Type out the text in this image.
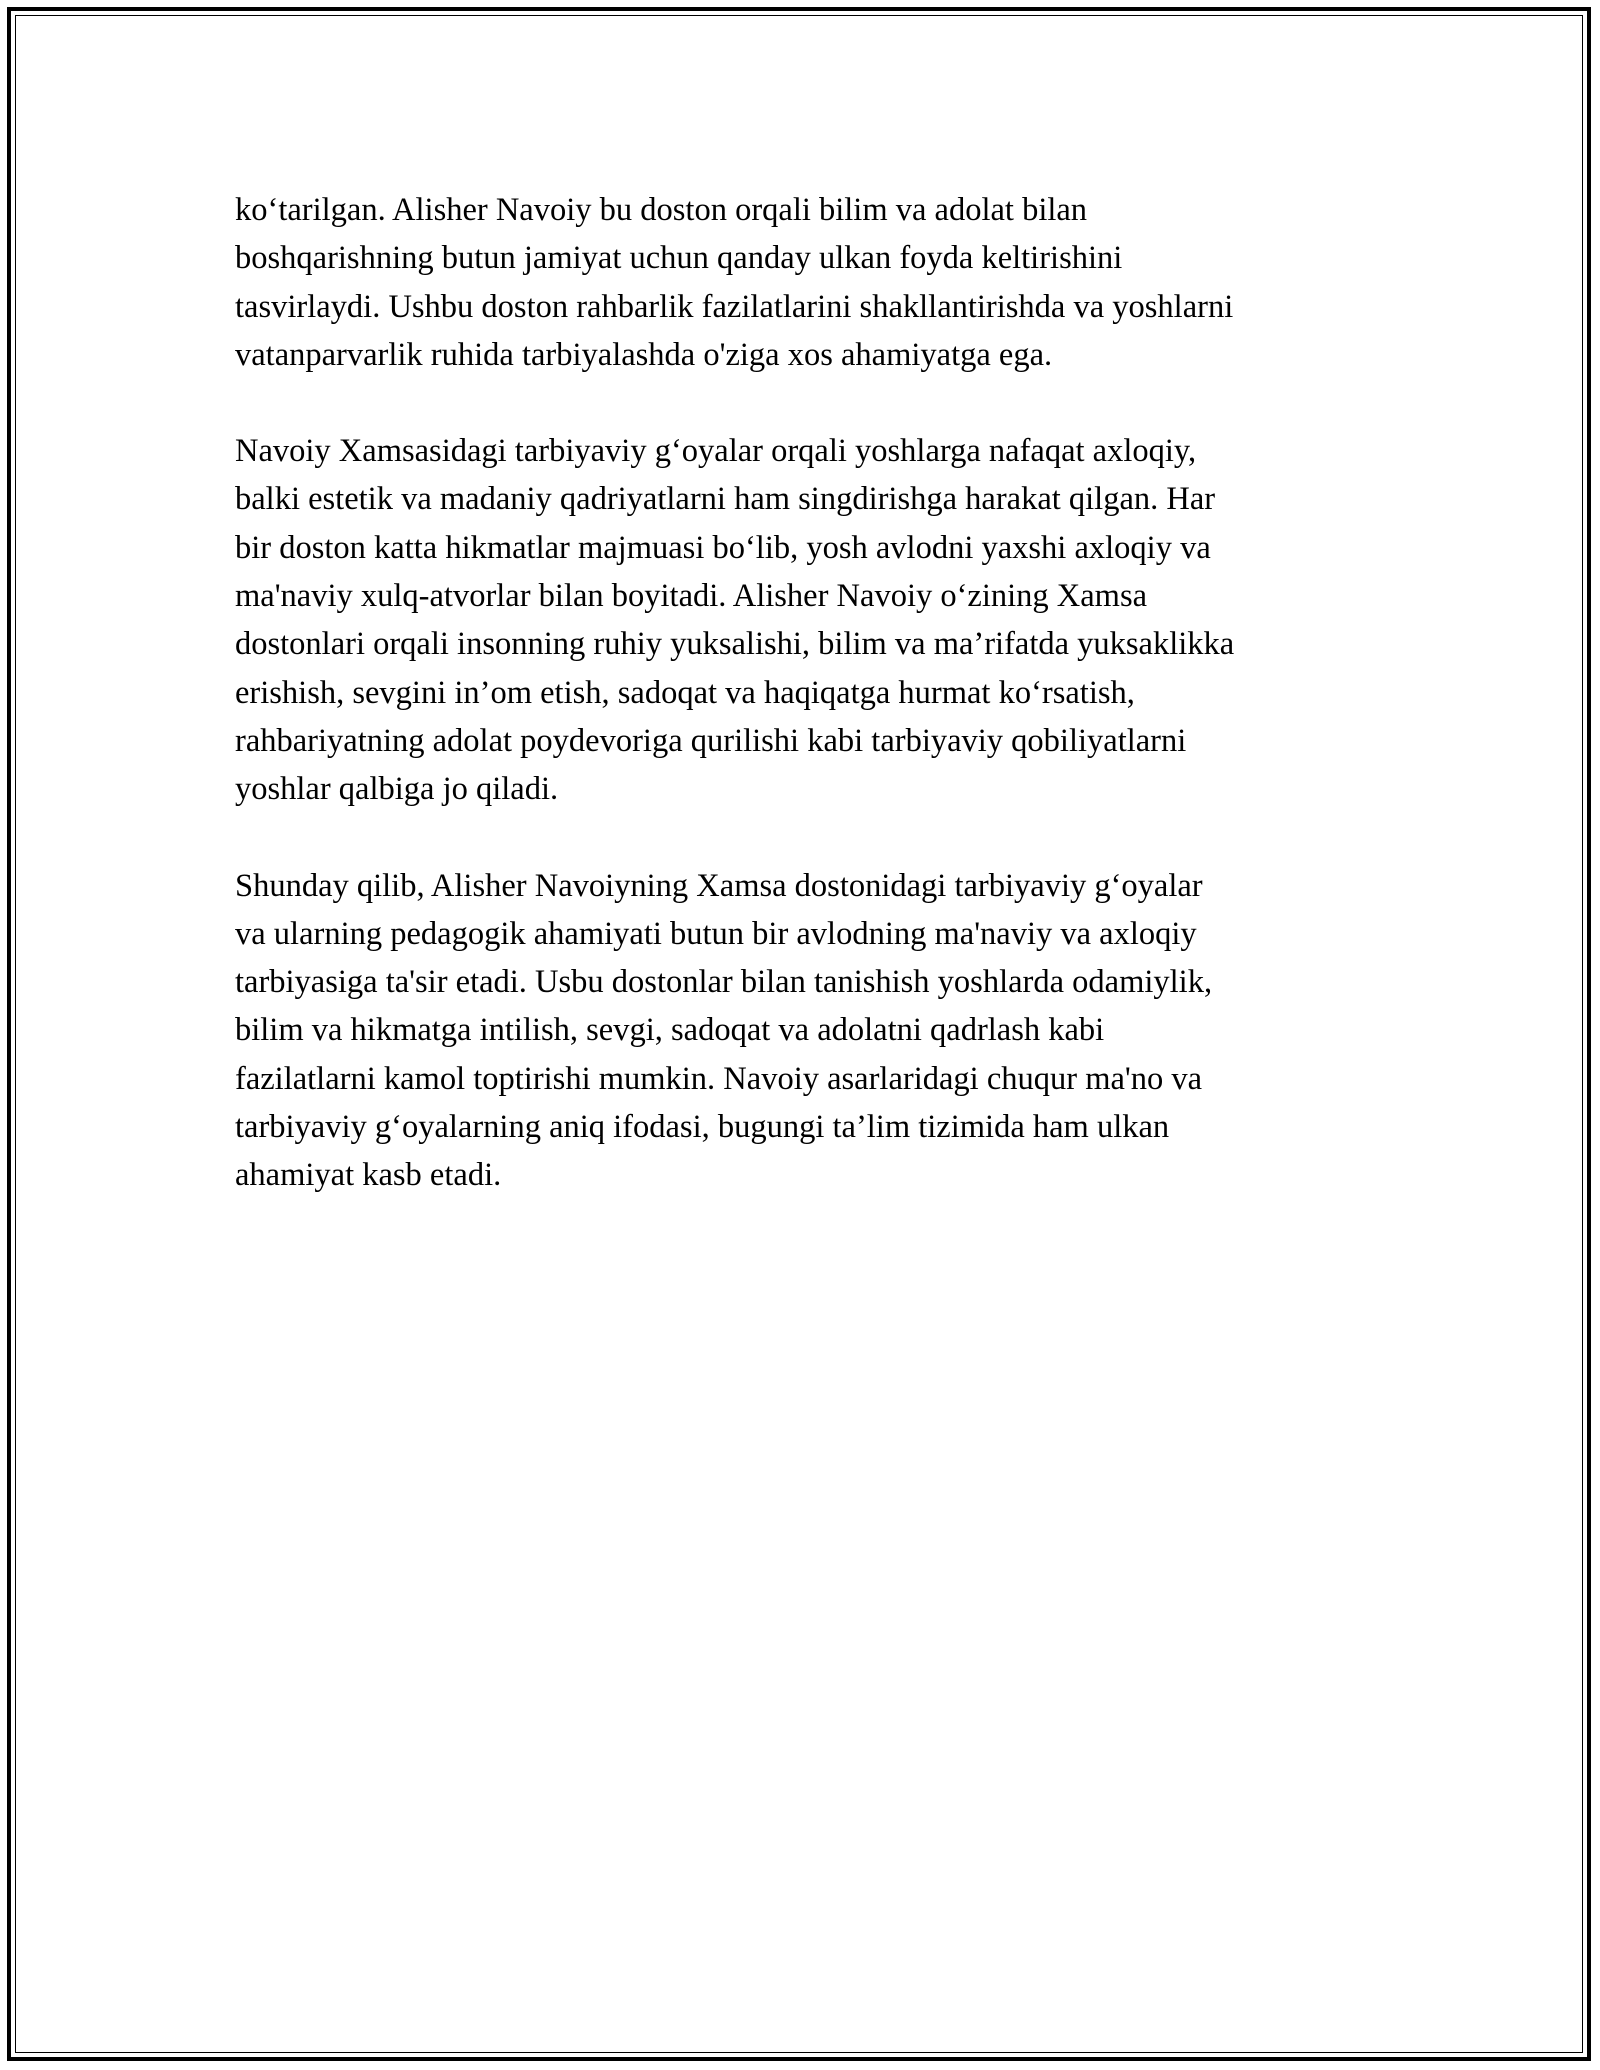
ko‘tarilgan. Alisher Navoiy bu doston orqali bilim va adolat bilan
boshqarishning butun jamiyat uchun qanday ulkan foyda keltirishini
tasvirlaydi. Ushbu doston rahbarlik fazilatlarini shakllantirishda va yoshlarni
vatanparvarlik ruhida tarbiyalashda o'ziga xos ahamiyatga ega.

Navoiy Xamsasidagi tarbiyaviy g‘oyalar orqali yoshlarga nafaqat axloqiy,
balki estetik va madaniy qadriyatlarni ham singdirishga harakat qilgan. Har
bir doston katta hikmatlar majmuasi bo‘lib, yosh avlodni yaxshi axloqiy va
ma'naviy xulq-atvorlar bilan boyitadi. Alisher Navoiy o‘zining Xamsa
dostonlari orqali insonning ruhiy yuksalishi, bilim va ma’rifatda yuksaklikka
erishish, sevgini in’om etish, sadoqat va haqiqatga hurmat ko‘rsatish,
rahbariyatning adolat poydevoriga qurilishi kabi tarbiyaviy qobiliyatlarni
yoshlar qalbiga jo qiladi.

Shunday qilib, Alisher Navoiyning Xamsa dostonidagi tarbiyaviy g‘oyalar
va ularning pedagogik ahamiyati butun bir avlodning ma'naviy va axloqiy
tarbiyasiga ta'sir etadi. Usbu dostonlar bilan tanishish yoshlarda odamiylik,
bilim va hikmatga intilish, sevgi, sadoqat va adolatni qadrlash kabi
fazilatlarni kamol toptirishi mumkin. Navoiy asarlaridagi chuqur ma'no va
tarbiyaviy g‘oyalarning aniq ifodasi, bugungi ta’lim tizimida ham ulkan
ahamiyat kasb etadi.
